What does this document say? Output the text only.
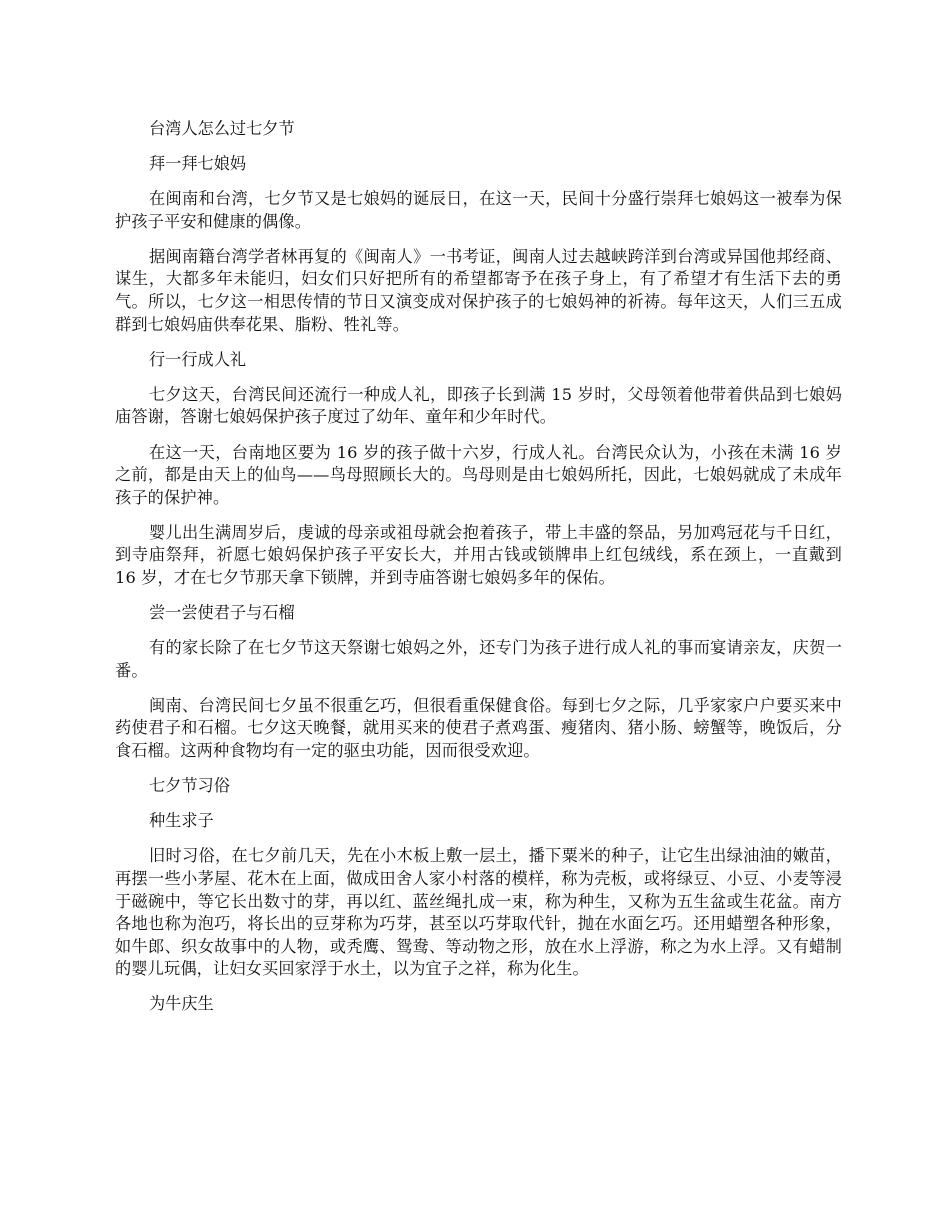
台湾人怎么过七夕节

拜一拜七娘妈

在闽南和台湾，七夕节又是七娘妈的诞辰日，在这一天，民间十分盛行崇拜七娘妈这一被奉为保护孩子平安和健康的偶像。

据闽南籍台湾学者林再复的《闽南人》一书考证，闽南人过去越峡跨洋到台湾或异国他邦经商、谋生，大都多年未能归，妇女们只好把所有的希望都寄予在孩子身上，有了希望才有生活下去的勇气。所以，七夕这一相思传情的节日又演变成对保护孩子的七娘妈神的祈祷。每年这天，人们三五成群到七娘妈庙供奉花果、脂粉、牲礼等。

行一行成人礼

七夕这天，台湾民间还流行一种成人礼，即孩子长到满 15 岁时，父母领着他带着供品到七娘妈庙答谢，答谢七娘妈保护孩子度过了幼年、童年和少年时代。

在这一天，台南地区要为 16 岁的孩子做十六岁，行成人礼。台湾民众认为，小孩在未满 16 岁之前，都是由天上的仙鸟——鸟母照顾长大的。鸟母则是由七娘妈所托，因此，七娘妈就成了未成年孩子的保护神。

婴儿出生满周岁后，虔诚的母亲或祖母就会抱着孩子，带上丰盛的祭品，另加鸡冠花与千日红，到寺庙祭拜，祈愿七娘妈保护孩子平安长大，并用古钱或锁牌串上红包绒线，系在颈上，一直戴到 16 岁，才在七夕节那天拿下锁牌，并到寺庙答谢七娘妈多年的保佑。

尝一尝使君子与石榴

有的家长除了在七夕节这天祭谢七娘妈之外，还专门为孩子进行成人礼的事而宴请亲友，庆贺一番。

闽南、台湾民间七夕虽不很重乞巧，但很看重保健食俗。每到七夕之际，几乎家家户户要买来中药使君子和石榴。七夕这天晚餐，就用买来的使君子煮鸡蛋、瘦猪肉、猪小肠、螃蟹等，晚饭后，分食石榴。这两种食物均有一定的驱虫功能，因而很受欢迎。

七夕节习俗

种生求子

旧时习俗，在七夕前几天，先在小木板上敷一层土，播下粟米的种子，让它生出绿油油的嫩苗，再摆一些小茅屋、花木在上面，做成田舍人家小村落的模样，称为壳板，或将绿豆、小豆、小麦等浸于磁碗中，等它长出数寸的芽，再以红、蓝丝绳扎成一束，称为种生，又称为五生盆或生花盆。南方各地也称为泡巧，将长出的豆芽称为巧芽，甚至以巧芽取代针，抛在水面乞巧。还用蜡塑各种形象，如牛郎、织女故事中的人物，或秃鹰、鸳鸯、等动物之形，放在水上浮游，称之为水上浮。又有蜡制的婴儿玩偶，让妇女买回家浮于水土，以为宜子之祥，称为化生。

为牛庆生
